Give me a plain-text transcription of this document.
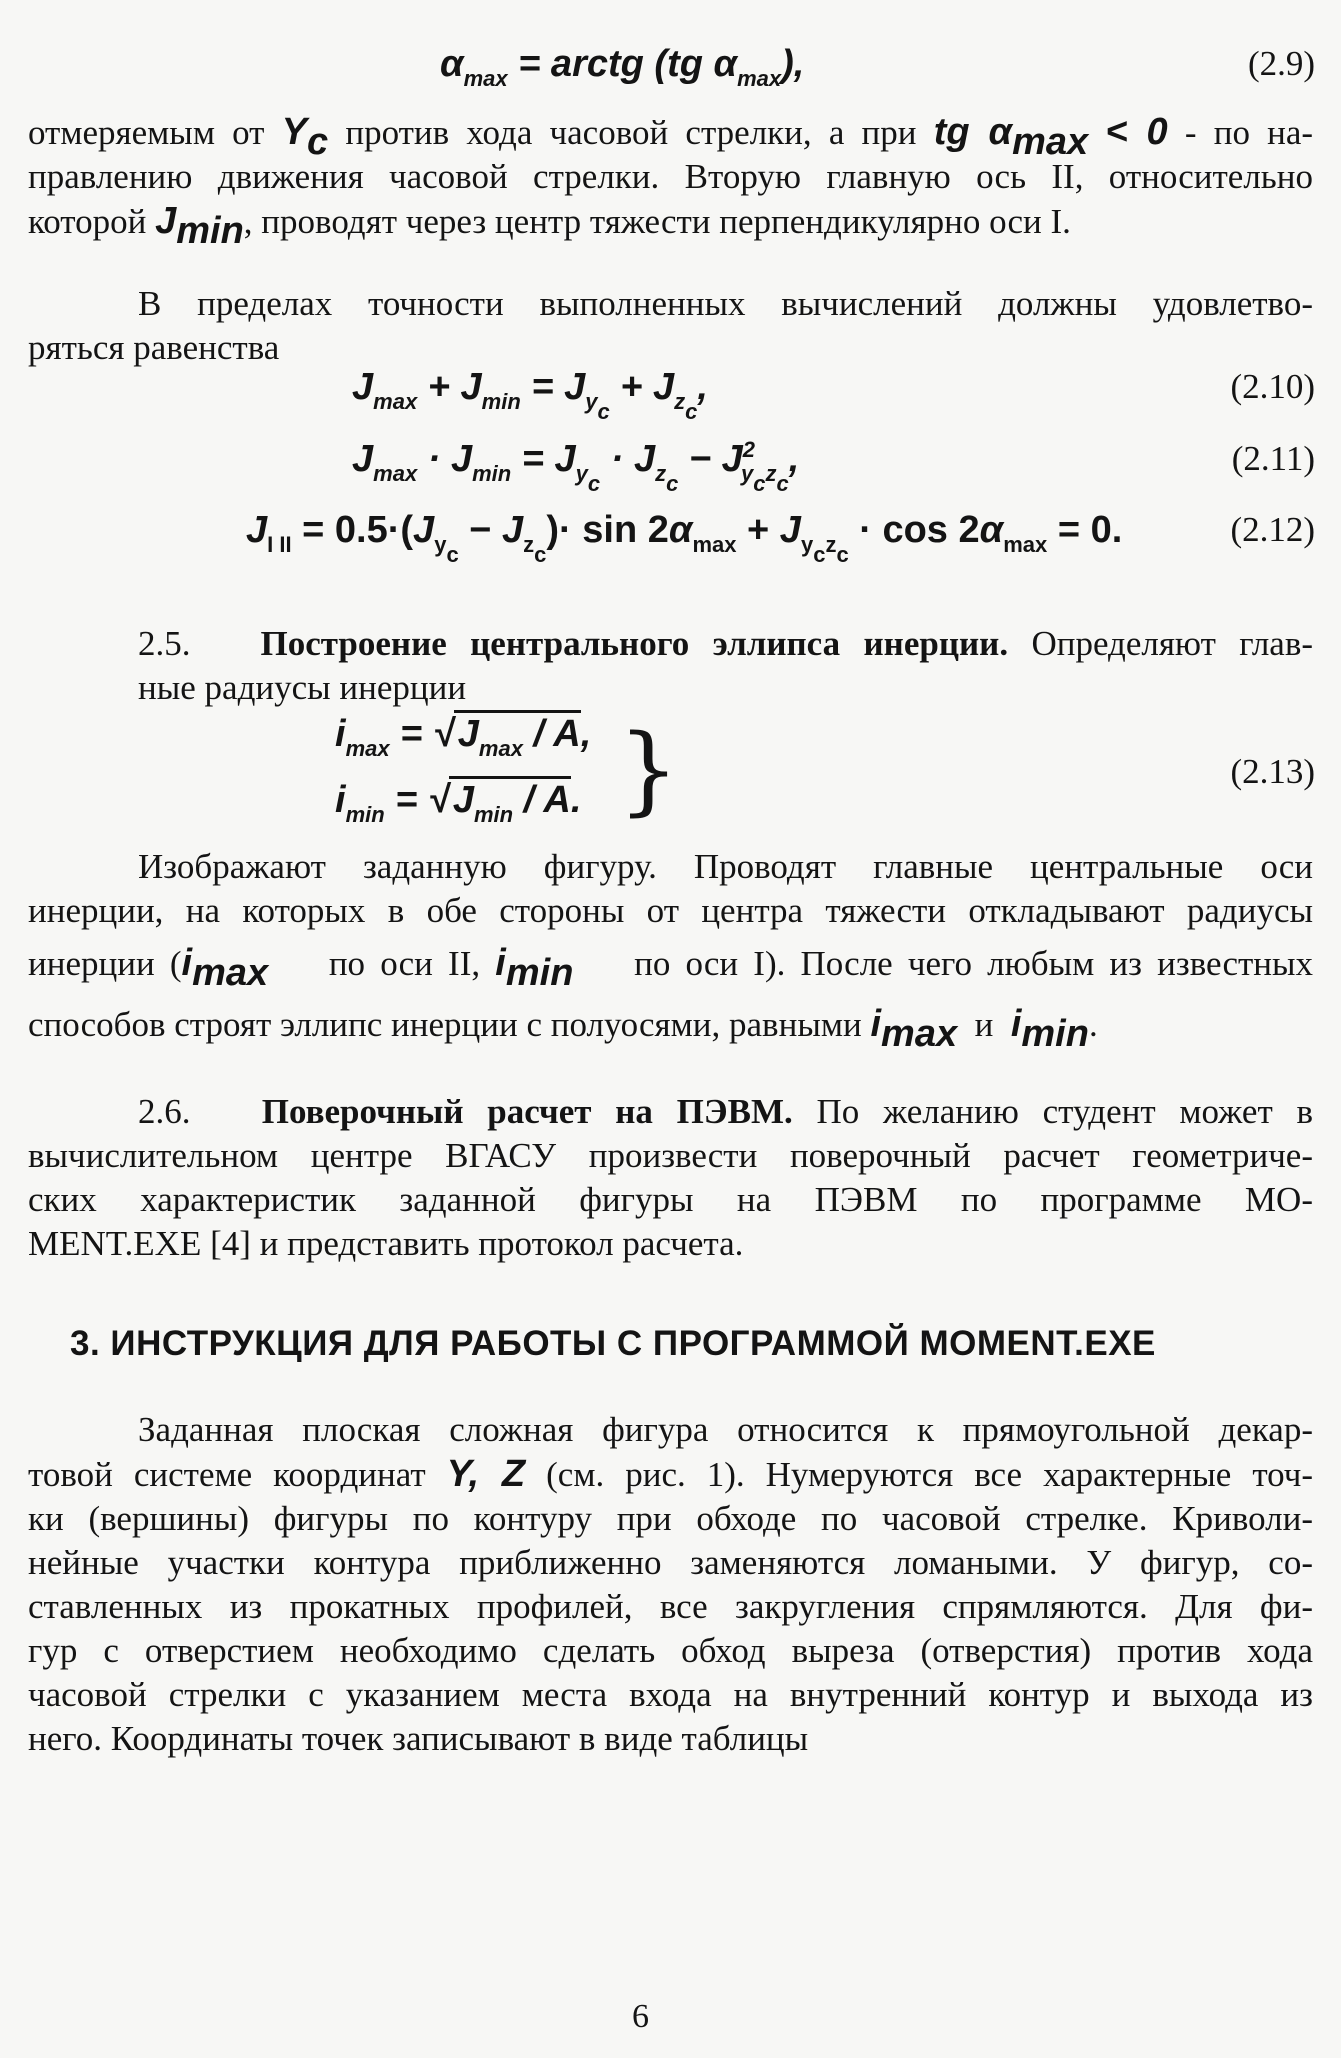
$\alpha_{max}$ = arctg (tg $\alpha_{max}$),	(2.9)
отмеряемым от $Y_c$ против хода часовой стрелки, а при tg $\alpha_{max} < 0$ - по на-
правлению движения часовой стрелки. Вторую главную ось II, относительно
которой $J_{min}$, проводят через центр тяжести перпендикулярно оси I.
В пределах точности выполненных вычислений должны удовлетво-
ряться равенства
$J_{max} + J_{min} = J_{y_c} + J_{z_c}$,	(2.10)
$J_{max} \cdot J_{min} = J_{y_c} \cdot J_{z_c} - J^2_{y_cz_c}$,	(2.11)
$J_{I II} = 0.5\cdot(J_{y_c} - J_{z_c})\cdot \sin 2\alpha_{max} + J_{y_cz_c} \cdot \cos 2\alpha_{max} = 0$.	(2.12)
2.5. Построение центрального эллипса инерции. Определяют глав-
ные радиусы инерции
$i_{max}$ = √ $J_{max}$ / A,
$i_{min}$ = √ $J_{min}$ / A. }	(2.13)
Изображают заданную фигуру. Проводят главные центральные оси
инерции, на которых в обе стороны от центра тяжести откладывают радиусы
инерции ($i_{max}$ по оси II, $i_{min}$ по оси I). После чего любым из известных
способов строят эллипс инерции с полуосями, равными $i_{max}$ и $i_{min}$.
2.6. Поверочный расчет на ПЭВМ. По желанию студент может в
вычислительном центре ВГАСУ произвести поверочный расчет геометриче-
ских характеристик заданной фигуры на ПЭВМ по программе МО-
MENT.EXE [4] и представить протокол расчета.
3. ИНСТРУКЦИЯ ДЛЯ РАБОТЫ С ПРОГРАММОЙ MOMENT.EXE
Заданная плоская сложная фигура относится к прямоугольной декар-
товой системе координат Y, Z (см. рис. 1). Нумеруются все характерные точ-
ки (вершины) фигуры по контуру при обходе по часовой стрелке. Криволи-
нейные участки контура приближенно заменяются ломаными. У фигур, со-
ставленных из прокатных профилей, все закругления спрямляются. Для фи-
гур с отверстием необходимо сделать обход выреза (отверстия) против хода
часовой стрелки с указанием места входа на внутренний контур и выхода из
него. Координаты точек записывают в виде таблицы
6
